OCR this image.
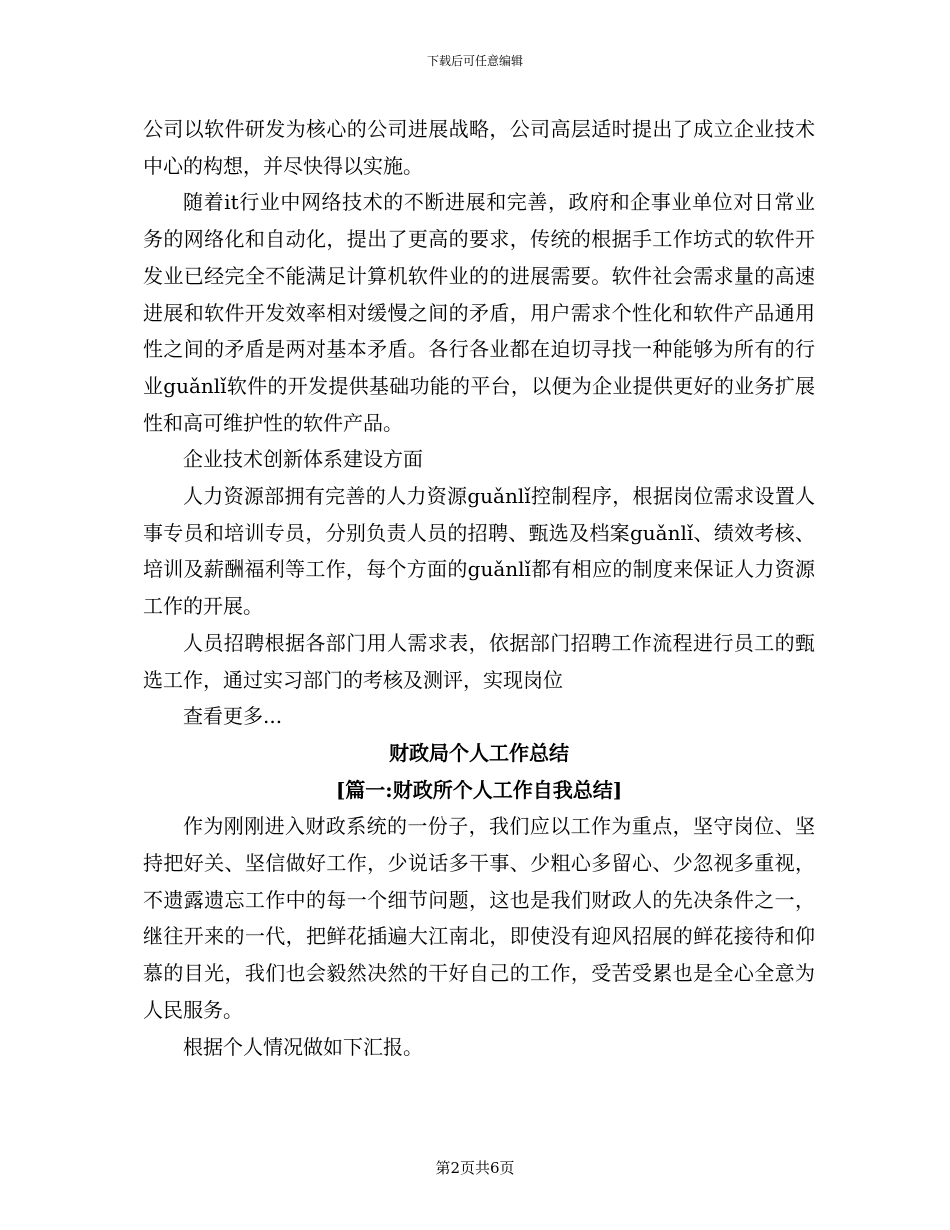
下载后可任意编辑

公司以软件研发为核心的公司进展战略，公司高层适时提出了成立企业技术中心的构想，并尽快得以实施。

随着it行业中网络技术的不断进展和完善，政府和企事业单位对日常业务的网络化和自动化，提出了更高的要求，传统的根据手工作坊式的软件开发业已经完全不能满足计算机软件业的的进展需要。软件社会需求量的高速进展和软件开发效率相对缓慢之间的矛盾，用户需求个性化和软件产品通用性之间的矛盾是两对基本矛盾。各行各业都在迫切寻找一种能够为所有的行业guǎnlǐ软件的开发提供基础功能的平台，以便为企业提供更好的业务扩展性和高可维护性的软件产品。

企业技术创新体系建设方面

人力资源部拥有完善的人力资源guǎnlǐ控制程序，根据岗位需求设置人事专员和培训专员，分别负责人员的招聘、甄选及档案guǎnlǐ、绩效考核、培训及薪酬福利等工作，每个方面的guǎnlǐ都有相应的制度来保证人力资源工作的开展。

人员招聘根据各部门用人需求表，依据部门招聘工作流程进行员工的甄选工作，通过实习部门的考核及测评，实现岗位

查看更多...

财政局个人工作总结

[篇一:财政所个人工作自我总结]

作为刚刚进入财政系统的一份子，我们应以工作为重点，坚守岗位、坚持把好关、坚信做好工作，少说话多干事、少粗心多留心、少忽视多重视，不遗露遗忘工作中的每一个细节问题，这也是我们财政人的先决条件之一，继往开来的一代，把鲜花插遍大江南北，即使没有迎风招展的鲜花接待和仰慕的目光，我们也会毅然决然的干好自己的工作，受苦受累也是全心全意为人民服务。

根据个人情况做如下汇报。

第2页共6页
